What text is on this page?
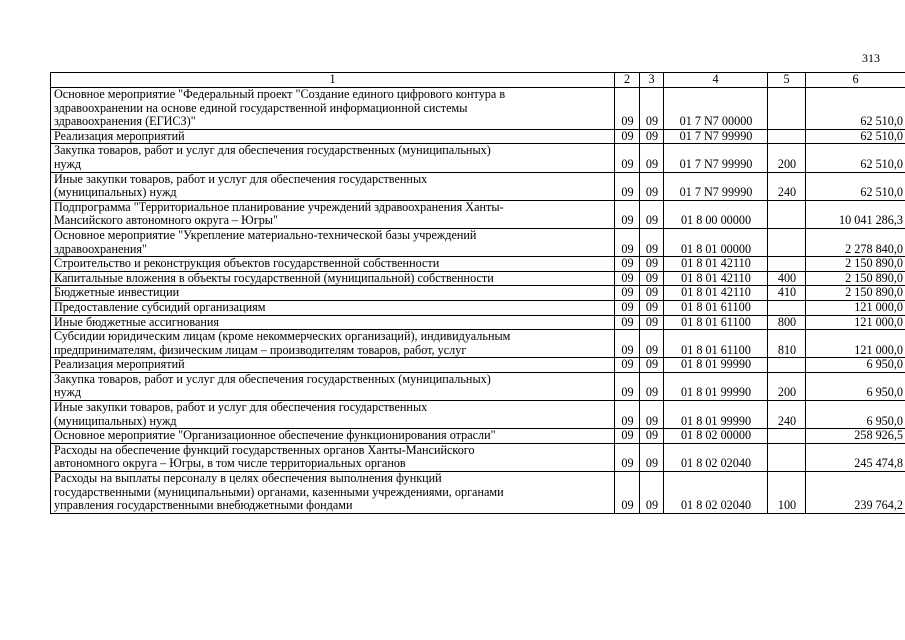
313
1	2	3	4	5	6

Основное мероприятие "Федеральный проект "Создание единого цифрового контура в
здравоохранении на основе единой государственной информационной системы
здравоохранения (ЕГИСЗ)"	09	09	01 7 N7 00000		62 510,0

Реализация мероприятий	09	09	01 7 N7 99990		62 510,0

Закупка товаров, работ и услуг для обеспечения государственных (муниципальных)
нужд	09	09	01 7 N7 99990	200	62 510,0

Иные закупки товаров, работ и услуг для обеспечения государственных
(муниципальных) нужд	09	09	01 7 N7 99990	240	62 510,0

Подпрограмма "Территориальное планирование учреждений здравоохранения Ханты-
Мансийского автономного округа – Югры"	09	09	01 8 00 00000		10 041 286,3

Основное мероприятие "Укрепление материально-технической базы учреждений
здравоохранения"	09	09	01 8 01 00000		2 278 840,0

Строительство и реконструкция объектов государственной собственности	09	09	01 8 01 42110		2 150 890,0

Капитальные вложения в объекты государственной (муниципальной) собственности	09	09	01 8 01 42110	400	2 150 890,0

Бюджетные инвестиции	09	09	01 8 01 42110	410	2 150 890,0

Предоставление субсидий организациям	09	09	01 8 01 61100		121 000,0

Иные бюджетные ассигнования	09	09	01 8 01 61100	800	121 000,0

Субсидии юридическим лицам (кроме некоммерческих организаций), индивидуальным
предпринимателям, физическим лицам – производителям товаров, работ, услуг	09	09	01 8 01 61100	810	121 000,0

Реализация мероприятий	09	09	01 8 01 99990		6 950,0

Закупка товаров, работ и услуг для обеспечения государственных (муниципальных)
нужд	09	09	01 8 01 99990	200	6 950,0

Иные закупки товаров, работ и услуг для обеспечения государственных
(муниципальных) нужд	09	09	01 8 01 99990	240	6 950,0

Основное мероприятие "Организационное обеспечение функционирования отрасли"	09	09	01 8 02 00000		258 926,5

Расходы на обеспечение функций государственных органов Ханты-Мансийского
автономного округа – Югры, в том числе территориальных органов	09	09	01 8 02 02040		245 474,8

Расходы на выплаты персоналу в целях обеспечения выполнения функций
государственными (муниципальными) органами, казенными учреждениями, органами
управления государственными внебюджетными фондами	09	09	01 8 02 02040	100	239 764,2
